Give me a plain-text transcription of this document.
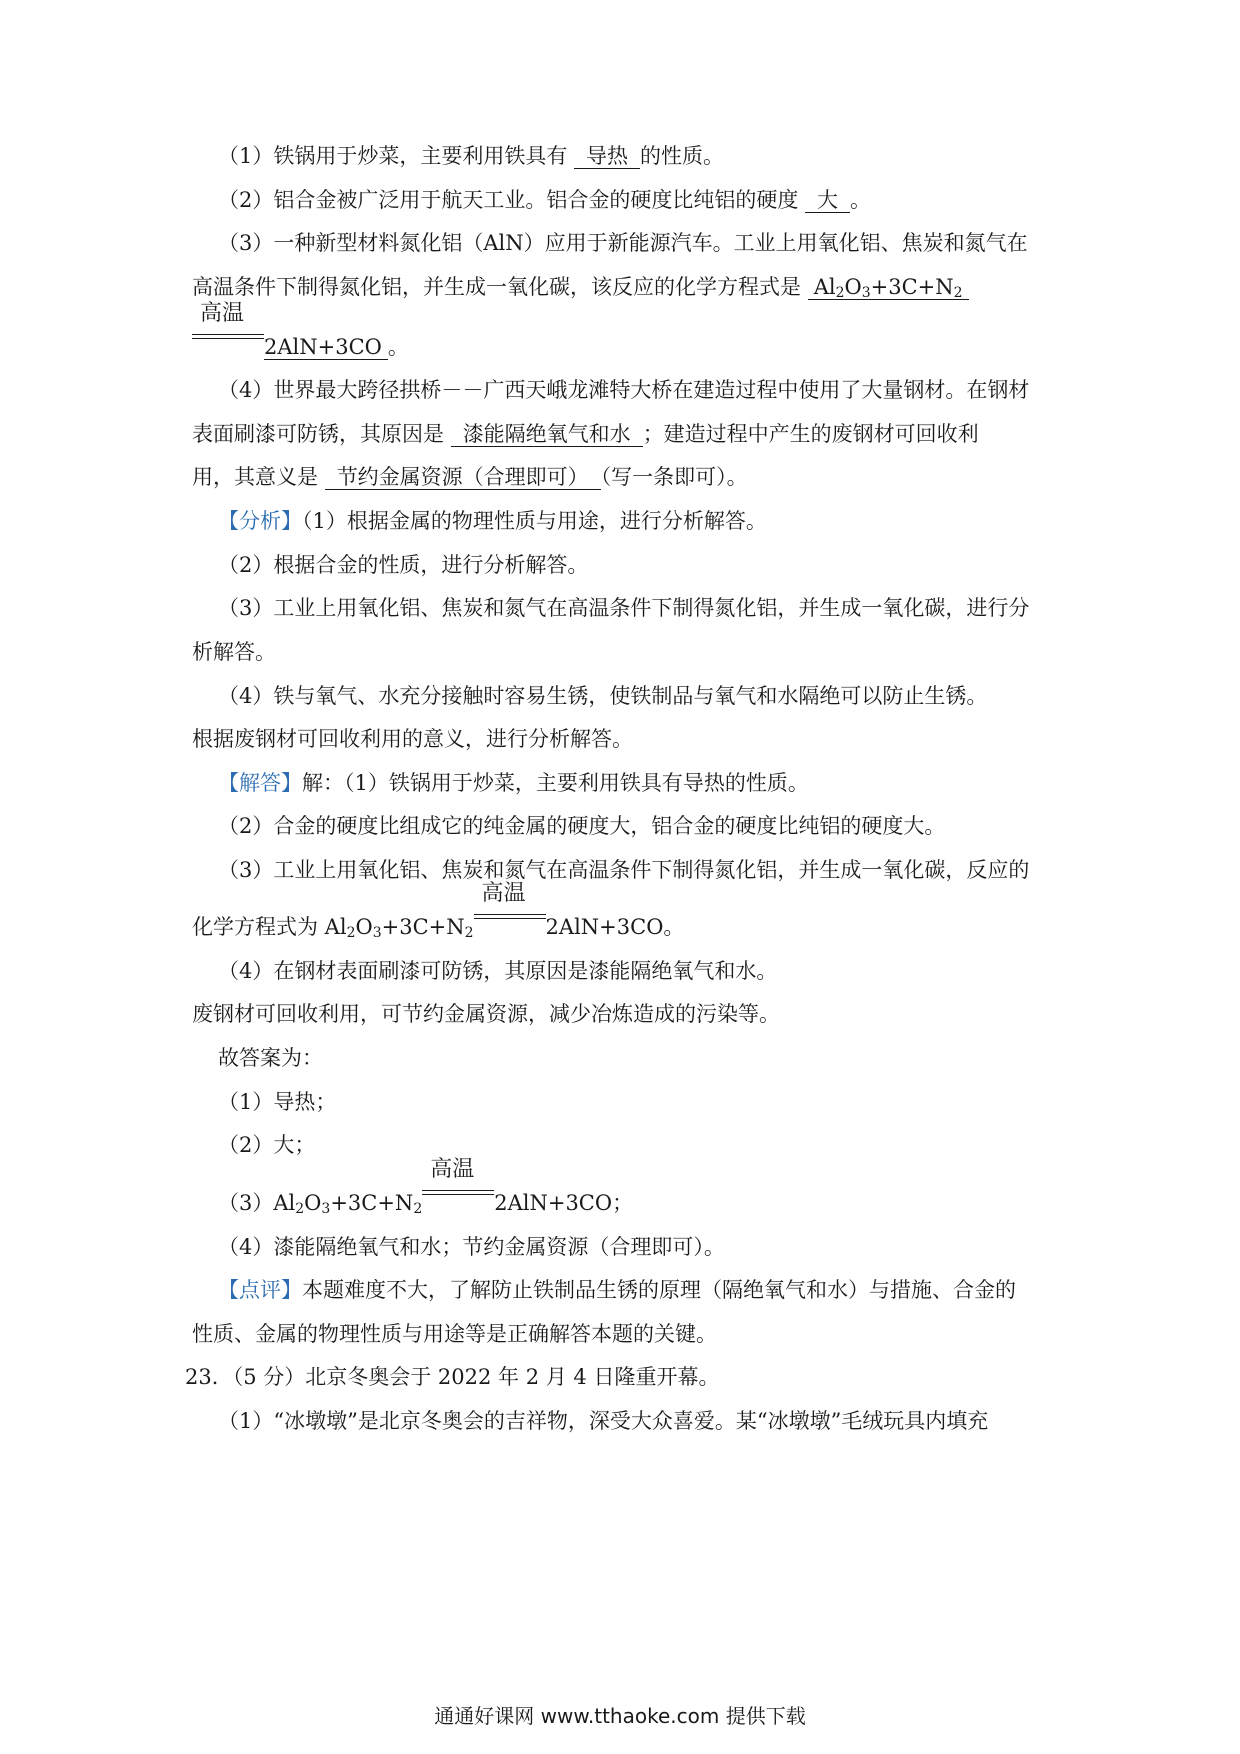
（1）铁锅用于炒菜，主要利用铁具有 导热 的性质。
（2）铝合金被广泛用于航天工业。铝合金的硬度比纯铝的硬度 大 。
（3）一种新型材料氮化铝（AlN）应用于新能源汽车。工业上用氧化铝、焦炭和氮气在
高温条件下制得氮化铝，并生成一氧化碳，该反应的化学方程式是 $Al_2O_3+3C+N_2$
高温
2AlN+3CO 。
（4）世界最大跨径拱桥－－广西天峨龙滩特大桥在建造过程中使用了大量钢材。在钢材
表面刷漆可防锈，其原因是 漆能隔绝氧气和水 ；建造过程中产生的废钢材可回收利
用，其意义是 节约金属资源（合理即可） （写一条即可）。
【分析】（1）根据金属的物理性质与用途，进行分析解答。
（2）根据合金的性质，进行分析解答。
（3）工业上用氧化铝、焦炭和氮气在高温条件下制得氮化铝，并生成一氧化碳，进行分
析解答。
（4）铁与氧气、水充分接触时容易生锈，使铁制品与氧气和水隔绝可以防止生锈。
根据废钢材可回收利用的意义，进行分析解答。
【解答】解：（1）铁锅用于炒菜，主要利用铁具有导热的性质。
（2）合金的硬度比组成它的纯金属的硬度大，铝合金的硬度比纯铝的硬度大。
（3）工业上用氧化铝、焦炭和氮气在高温条件下制得氮化铝，并生成一氧化碳，反应的
化学方程式为 $Al_2O_3+3C+N_2$
高温
2AlN+3CO。
（4）在钢材表面刷漆可防锈，其原因是漆能隔绝氧气和水。
废钢材可回收利用，可节约金属资源，减少冶炼造成的污染等。
故答案为：
（1）导热；
（2）大；
$(3)Al_2O_3+3C+N_2$
高温
2AlN+3CO；
（4）漆能隔绝氧气和水；节约金属资源（合理即可）。
【点评】本题难度不大，了解防止铁制品生锈的原理（隔绝氧气和水）与措施、合金的
性质、金属的物理性质与用途等是正确解答本题的关键。
23．（5 分）北京冬奥会于 2022 年 2 月 4 日隆重开幕。
（1）“冰墩墩”是北京冬奥会的吉祥物，深受大众喜爱。某“冰墩墩”毛绒玩具内填充
通通好课网 www.tthaoke.com 提供下载
